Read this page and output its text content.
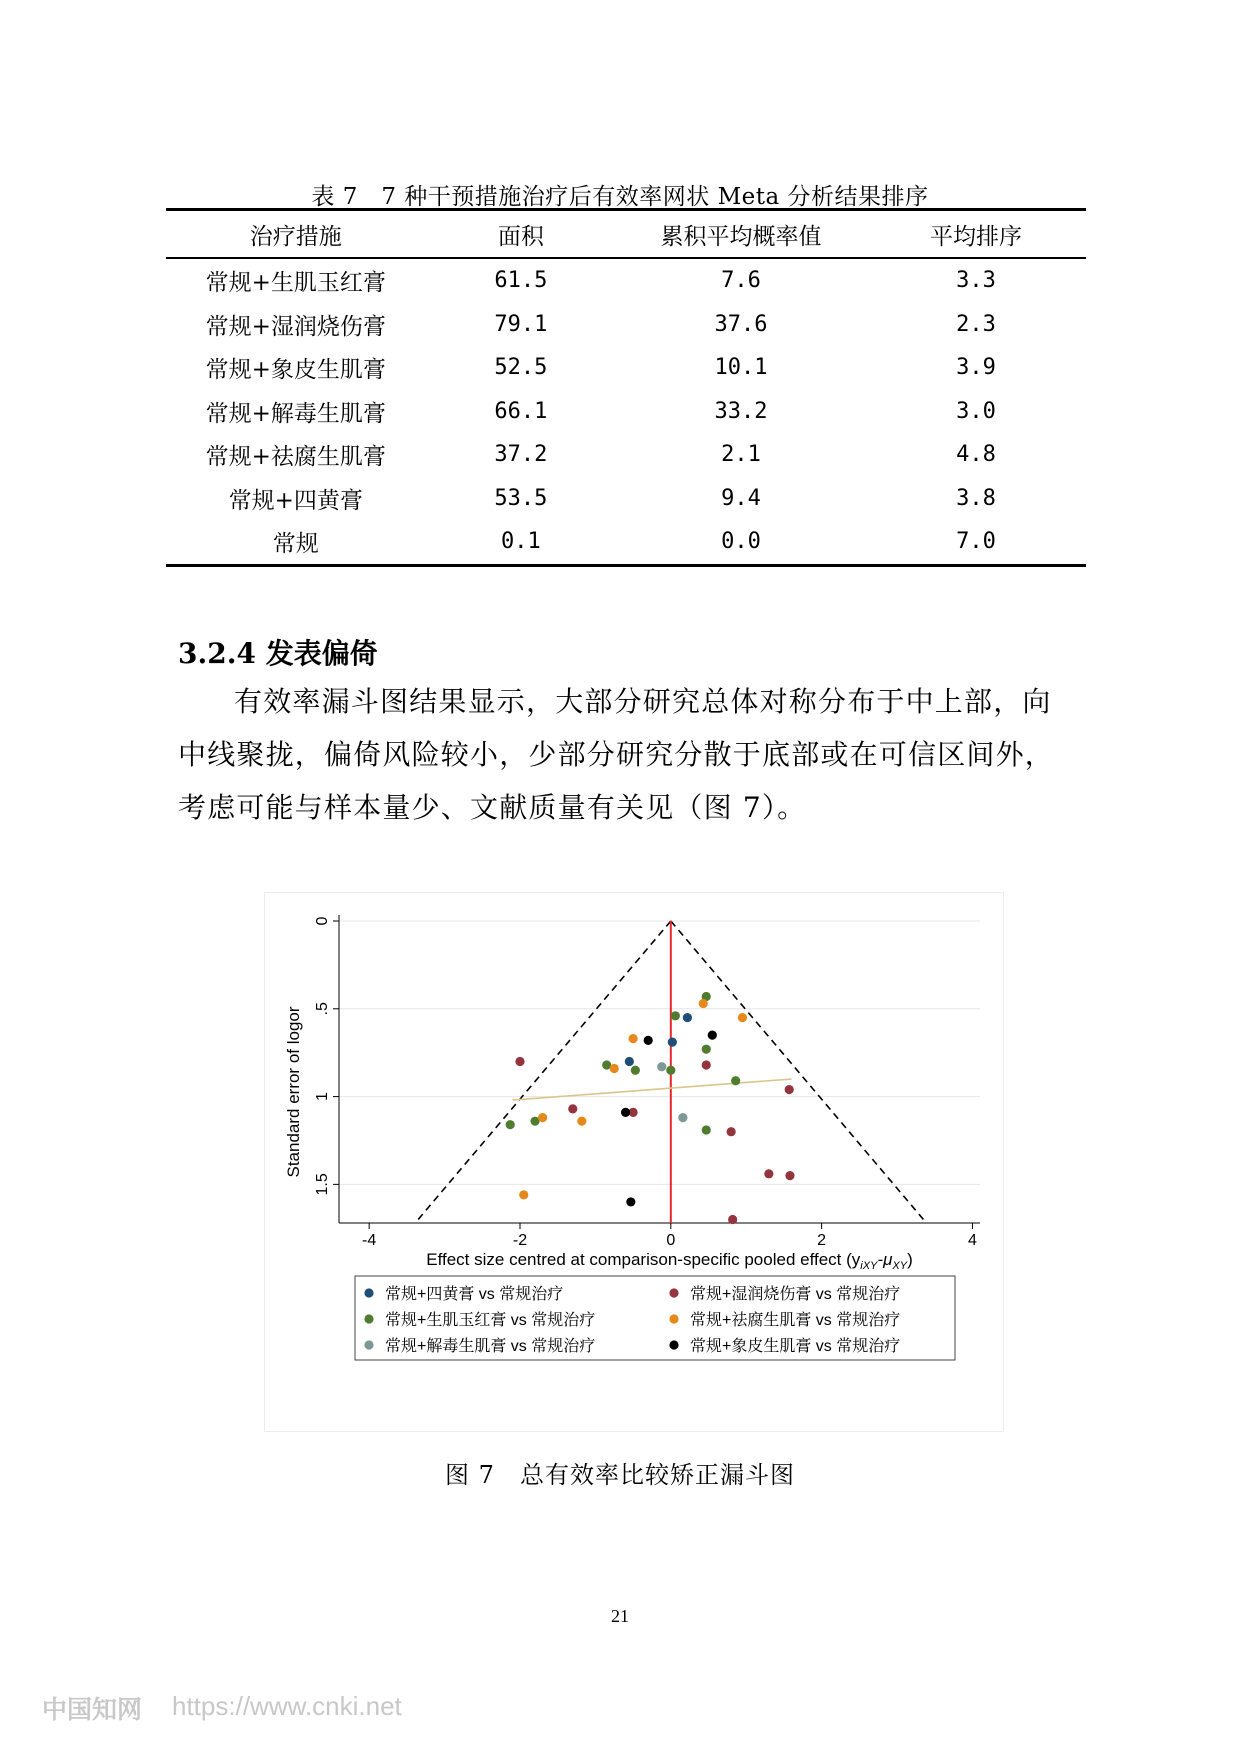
表 7　7 种干预措施治疗后有效率网状 Meta 分析结果排序
治疗措施	面积	累积平均概率值	平均排序
常规+生肌玉红膏	61.5	7.6	3.3
常规+湿润烧伤膏	79.1	37.6	2.3
常规+象皮生肌膏	52.5	10.1	3.9
常规+解毒生肌膏	66.1	33.2	3.0
常规+祛腐生肌膏	37.2	2.1	4.8
常规+四黄膏	53.5	9.4	3.8
常规	0.1	0.0	7.0
3.2.4 发表偏倚
有效率漏斗图结果显示，大部分研究总体对称分布于中上部，向
中线聚拢，偏倚风险较小，少部分研究分散于底部或在可信区间外，
考虑可能与样本量少、文献质量有关见（图 7）。
-4	-2	0	2	4
0
.5
1
1.5
Standard error of logor
Effect size centred at comparison-specific pooled effect $(y_{iXY}-\mu_{XY})$
常规+四黄膏 vs 常规治疗	常规+湿润烧伤膏 vs 常规治疗
常规+生肌玉红膏 vs 常规治疗	常规+祛腐生肌膏 vs 常规治疗
常规+解毒生肌膏 vs 常规治疗	常规+象皮生肌膏 vs 常规治疗
图 7　总有效率比较矫正漏斗图
21
中国知网 https://www.cnki.net
